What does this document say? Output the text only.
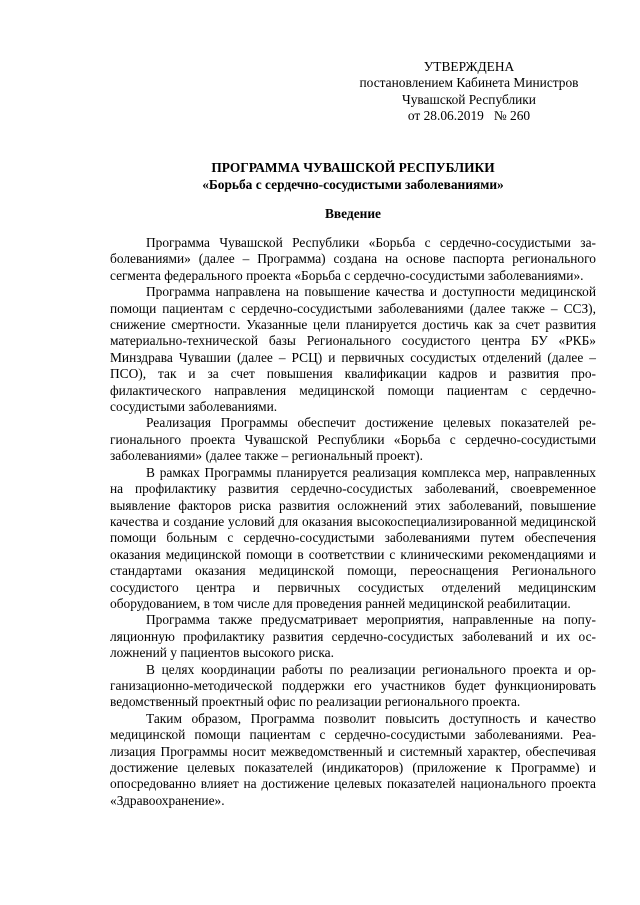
УТВЕРЖДЕНА
постановлением Кабинета Министров
Чувашской Республики
от 28.06.2019   № 260
ПРОГРАММА ЧУВАШСКОЙ РЕСПУБЛИКИ
«Борьба с сердечно-сосудистыми заболеваниями»
Введение

Программа Чувашской Республики «Борьба с сердечно-сосудистыми заболеваниями» (далее – Программа) создана на основе паспорта регионального сегмента федерального проекта «Борьба с сердечно-сосудистыми заболеваниями».

Программа направлена на повышение качества и доступности медицинской помощи пациентам с сердечно-сосудистыми заболеваниями (далее также – ССЗ), снижение смертности. Указанные цели планируется достичь как за счет развития материально-технической базы Регионального сосудистого центра БУ «РКБ» Минздрава Чувашии (далее – РСЦ) и первичных сосудистых отделений (далее – ПСО), так и за счет повышения квалификации кадров и развития профилактического направления медицинской помощи пациентам с сердечно-сосудистыми заболеваниями.

Реализация Программы обеспечит достижение целевых показателей регионального проекта Чувашской Республики «Борьба с сердечно-сосудистыми заболеваниями» (далее также – региональный проект).

В рамках Программы планируется реализация комплекса мер, направленных на профилактику развития сердечно-сосудистых заболеваний, своевременное выявление факторов риска развития осложнений этих заболеваний, повышение качества и создание условий для оказания высокоспециализированной медицинской помощи больным с сердечно-сосудистыми заболеваниями путем обеспечения оказания медицинской помощи в соответствии с клиническими рекомендациями и стандартами оказания медицинской помощи, переоснащения Регионального сосудистого центра и первичных сосудистых отделений медицинским оборудованием, в том числе для проведения ранней медицинской реабилитации.

Программа также предусматривает мероприятия, направленные на популяционную профилактику развития сердечно-сосудистых заболеваний и их осложнений у пациентов высокого риска.

В целях координации работы по реализации регионального проекта и организационно-методической поддержки его участников будет функционировать ведомственный проектный офис по реализации регионального проекта.

Таким образом, Программа позволит повысить доступность и качество медицинской помощи пациентам с сердечно-сосудистыми заболеваниями. Реализация Программы носит межведомственный и системный характер, обеспечивая достижение целевых показателей (индикаторов) (приложение к Программе) и опосредованно влияет на достижение целевых показателей национального проекта «Здравоохранение».
